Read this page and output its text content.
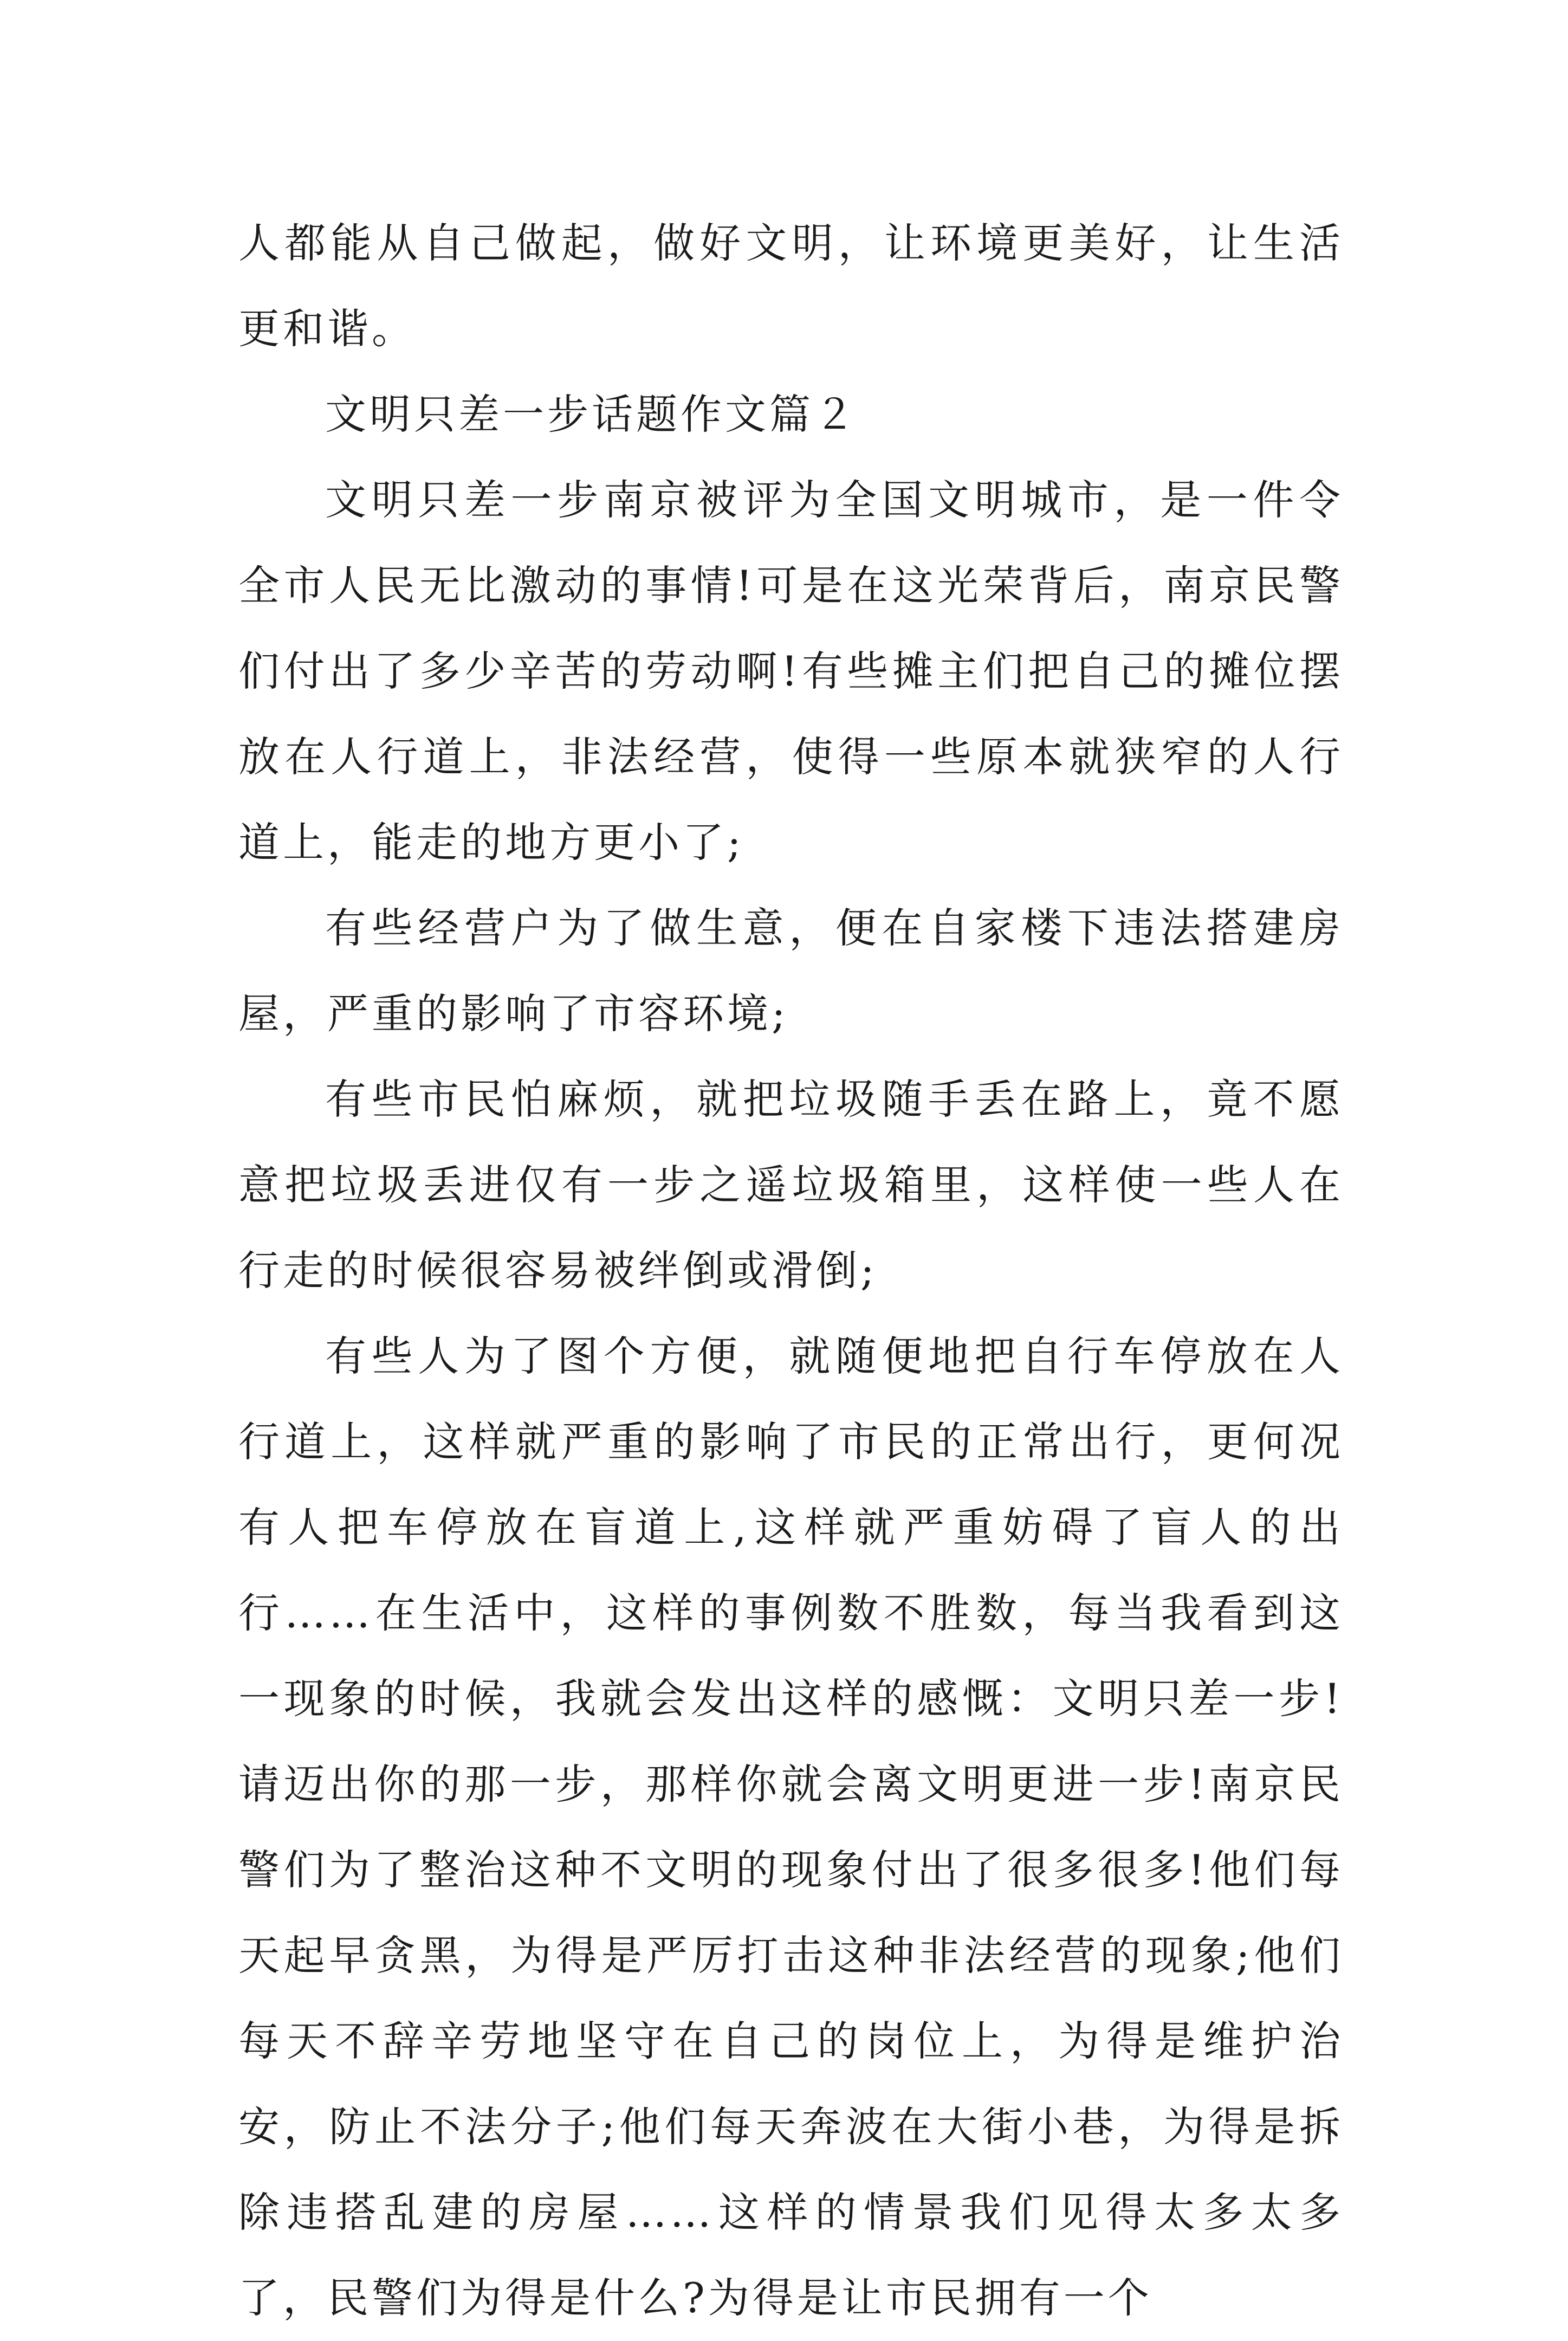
人都能从自己做起，做好文明，让环境更美好，让生活更和谐。

文明只差一步话题作文篇２

文明只差一步南京被评为全国文明城市，是一件令全市人民无比激动的事情!可是在这光荣背后，南京民警们付出了多少辛苦的劳动啊!有些摊主们把自己的摊位摆放在人行道上，非法经营，使得一些原本就狭窄的人行道上，能走的地方更小了;

有些经营户为了做生意，便在自家楼下违法搭建房屋，严重的影响了市容环境;

有些市民怕麻烦，就把垃圾随手丢在路上，竟不愿意把垃圾丢进仅有一步之遥垃圾箱里，这样使一些人在行走的时候很容易被绊倒或滑倒;

有些人为了图个方便，就随便地把自行车停放在人行道上，这样就严重的影响了市民的正常出行，更何况有人把车停放在盲道上,这样就严重妨碍了盲人的出行……在生活中，这样的事例数不胜数，每当我看到这一现象的时候，我就会发出这样的感慨：文明只差一步!请迈出你的那一步，那样你就会离文明更进一步!南京民警们为了整治这种不文明的现象付出了很多很多!他们每天起早贪黑，为得是严厉打击这种非法经营的现象;他们每天不辞辛劳地坚守在自己的岗位上，为得是维护治安，防止不法分子;他们每天奔波在大街小巷，为得是拆除违搭乱建的房屋……这样的情景我们见得太多太多了，民警们为得是什么?为得是让市民拥有一个
